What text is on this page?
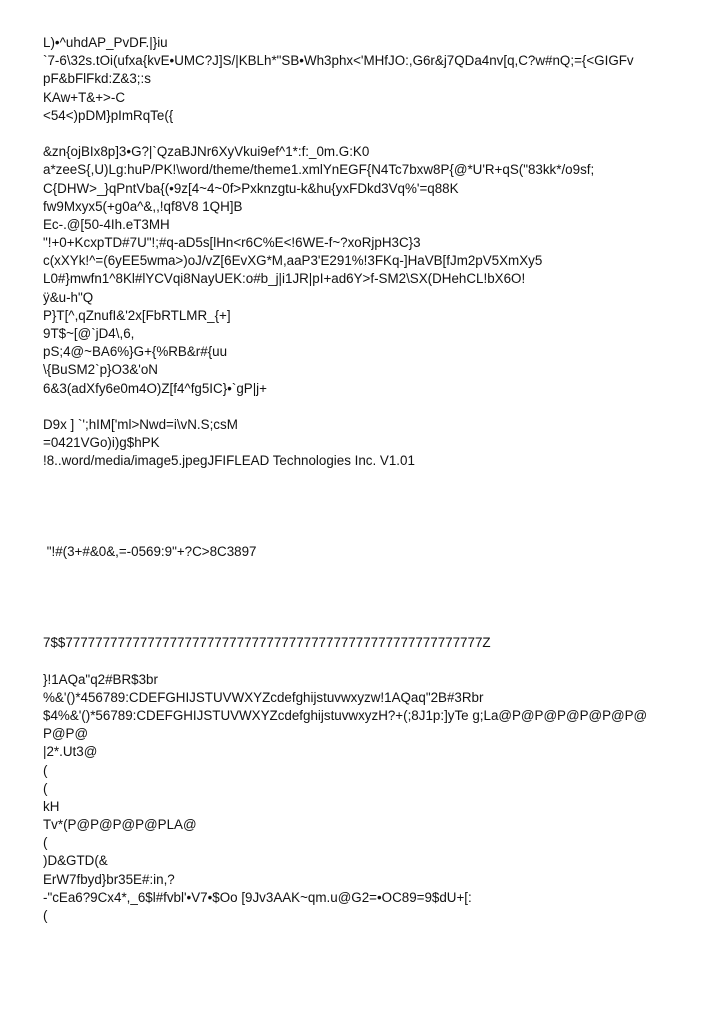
L)•^uhdAP_PvDF.|}iu
`7-6\32s.tOi(ufxa{kvE•UMC?J]S/|KBLh*"SB•Wh3phx<'MHfJO:,G6r&j7QDa4nv[q,C?w#nQ;={<GIGFv
pF&bFlFkd:Z&3;:s
KAw+T&+>-C
<54<)pDM}pImRqTe({
&zn{ojBIx8p]3•G?|`QzaBJNr6XyVkui9ef^1*:f:_0m.G:K0
a*zeeS{,U)Lg:huP/PK!\word/theme/theme1.xmlYnEGF{N4Tc7bxw8P{@*U'R+qS("83kk*/o9sf;
C{DHW>_}qPntVba{(•9z[4~4~0f>Pxknzgtu-k&hu{yxFDkd3Vq%'=q88K
fw9Mxyx5(+g0a^&,,!qf8V8 1QH]B
Ec-.@[50-4Ih.eT3MH
"!+0+KcxpTD#7U"!;#q-aD5s[lHn<r6C%E<!6WE-f~?xoRjpH3C}3
c(xXYk!^=(6yEE5wma>)oJ/vZ[6EvXG*M,aaP3'E291%!3FKq-]HaVB[fJm2pV5XmXy5
L0#}mwfn1^8Kl#lYCVqi8NayUEK:o#b_j|i1JR|pI+ad6Y>f-SM2\SX(DHehCL!bX6O!
ÿ&u-h"Q
P}T[^,qZnufI&'2x[FbRTLMR_{+]
9T$~[@`jD4\,6,
pS;4@~BA6%}G+{%RB&r#{uu
\{BuSM2`p}O3&'oN
6&3(adXfy6e0m4O)Z[f4^fg5IC}•`gP|j+
D9x ] `';hIM['ml>Nwd=i\vN.S;csM
=0421VGo)i)g$hPK
!8..word/media/image5.jpegJFIFLEAD Technologies Inc. V1.01
"!#(3+#&0&,=-0569:9"+?C>8C3897
7$$77777777777777777777777777777777777777777777777777777777Z
}!1AQa"q2#BR$3br
%&'()*456789:CDEFGHIJSTUVWXYZcdefghijstuvwxyzw!1AQaq"2B#3Rbr
$4%&'()*56789:CDEFGHIJSTUVWXYZcdefghijstuvwxyzH?+(;8J1p:]yTe g;La@P@P@P@P@P@P@
P@P@
|2*.Ut3@
(
(
kH
Tv*(P@P@P@P@PLA@
(
)D&GTD(&
ErW7fbyd}br35E#:in,?
-"cEa6?9Cx4*,_6$l#fvbl'•V7•$Oo [9Jv3AAK~qm.u@G2=•OC89=9$dU+[:
(
